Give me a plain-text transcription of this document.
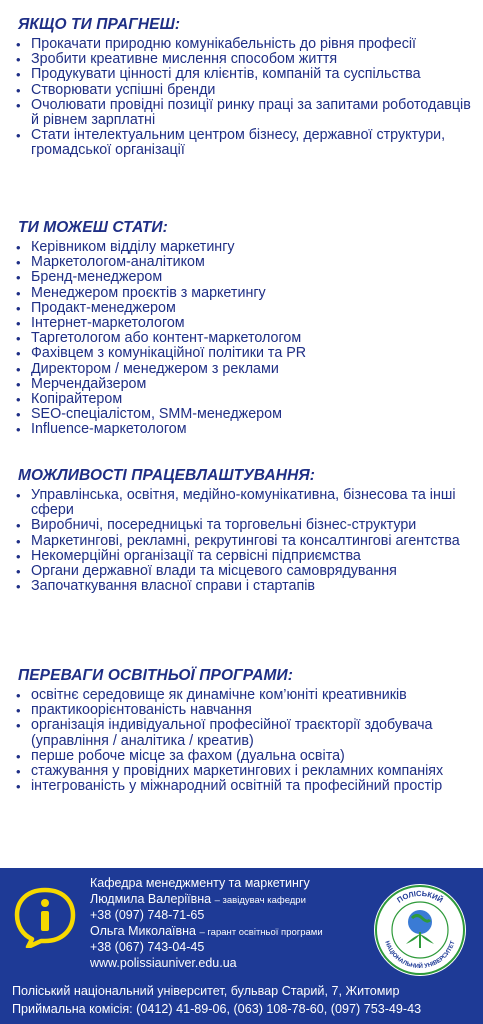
ЯКЩО ТИ ПРАГНЕШ:
• Прокачати природню комунікабельність до рівня професії
• Зробити креативне мислення способом життя
• Продукувати цінності для клієнтів, компаній та суспільства
• Створювати успішні бренди
• Очолювати провідні позиції ринку праці за запитами роботодавців й рівнем зарплатні
• Стати інтелектуальним центром бізнесу, державної структури, громадської організації
ТИ МОЖЕШ СТАТИ:
• Керівником відділу маркетингу
• Маркетологом-аналітиком
• Бренд-менеджером
• Менеджером проєктів з маркетингу
• Продакт-менеджером
• Інтернет-маркетологом
• Таргетологом або контент-маркетологом
• Фахівцем з комунікаційної політики та PR
• Директором / менеджером з реклами
• Мерчендайзером
• Копірайтером
• SEO-спеціалістом, SMM-менеджером
• Influence-маркетологом
МОЖЛИВОСТІ ПРАЦЕВЛАШТУВАННЯ:
• Управлінська, освітня, медійно-комунікативна, бізнесова та інші сфери
• Виробничі, посередницькі та торговельні бізнес-структури
• Маркетингові, рекламні, рекрутингові та консалтингові агентства
• Некомерційні організації та сервісні підприємства
• Органи державної влади та місцевого самоврядування
• Започаткування власної справи і стартапів
ПЕРЕВАГИ ОСВІТНЬОЇ ПРОГРАМИ:
• освітнє середовище як динамічне ком’юніті креативників
• практикоорієнтованість навчання
• організація індивідуальної професійної траєкторії здобувача (управління / аналітика / креатив)
• перше робоче місце за фахом (дуальна освіта)
• стажування у провідних маркетингових і рекламних компаніях
• інтегрованість у міжнародний освітній та професійний простір
Кафедра менеджменту та маркетингу
Людмила Валеріївна – завідувач кафедри
+38 (097) 748-71-65
Ольга Миколаївна – гарант освітньої програми
+38 (067) 743-04-45
www.polissiauniver.edu.ua
ПОЛІСЬКИЙ
НАЦІОНАЛЬНИЙ УНІВЕРСИТЕТ
Поліський національний університет, бульвар Старий, 7, Житомир
Приймальна комісія: (0412) 41-89-06, (063) 108-78-60, (097) 753-49-43
